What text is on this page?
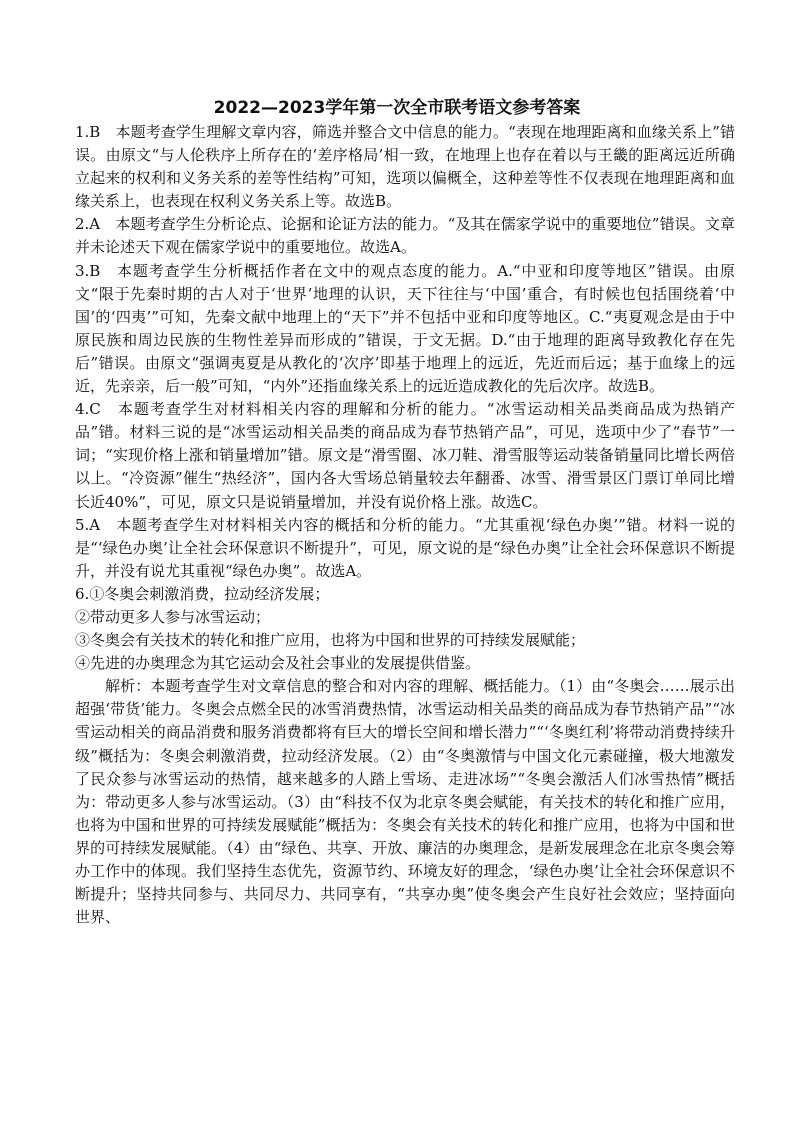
2022—2023学年第一次全市联考语文参考答案

1.B　本题考查学生理解文章内容，筛选并整合文中信息的能力。“表现在地理距离和血缘关系上”错误。由原文“与人伦秩序上所存在的‘差序格局’相一致，在地理上也存在着以与王畿的距离远近所确立起来的权利和义务关系的差等性结构”可知，选项以偏概全，这种差等性不仅表现在地理距离和血缘关系上，也表现在权利义务关系上等。故选B。

2.A　本题考查学生分析论点、论据和论证方法的能力。“及其在儒家学说中的重要地位”错误。文章并未论述天下观在儒家学说中的重要地位。故选A。

3.B　本题考查学生分析概括作者在文中的观点态度的能力。A.“中亚和印度等地区”错误。由原文“限于先秦时期的古人对于‘世界’地理的认识，天下往往与‘中国’重合，有时候也包括围绕着‘中国’的‘四夷’”可知，先秦文献中地理上的“天下”并不包括中亚和印度等地区。C.“夷夏观念是由于中原民族和周边民族的生物性差异而形成的”错误，于文无据。D.“由于地理的距离导致教化存在先后”错误。由原文“强调夷夏是从教化的‘次序’即基于地理上的远近，先近而后远；基于血缘上的远近，先亲亲，后一般”可知，“内外”还指血缘关系上的远近造成教化的先后次序。故选B。

4.C　本题考查学生对材料相关内容的理解和分析的能力。“冰雪运动相关品类商品成为热销产品”错。材料三说的是“冰雪运动相关品类的商品成为春节热销产品”，可见，选项中少了“春节”一词；“实现价格上涨和销量增加”错。原文是“滑雪圈、冰刀鞋、滑雪服等运动装备销量同比增长两倍以上。“冷资源”催生“热经济”，国内各大雪场总销量较去年翻番、冰雪、滑雪景区门票订单同比增长近40%”，可见，原文只是说销量增加，并没有说价格上涨。故选C。

5.A　本题考查学生对材料相关内容的概括和分析的能力。“尤其重视‘绿色办奥’”错。材料一说的是“‘绿色办奥’让全社会环保意识不断提升”，可见，原文说的是“绿色办奥”让全社会环保意识不断提升，并没有说尤其重视“绿色办奥”。故选A。

6.①冬奥会刺激消费，拉动经济发展；

②带动更多人参与冰雪运动；

③冬奥会有关技术的转化和推广应用，也将为中国和世界的可持续发展赋能；

④先进的办奥理念为其它运动会及社会事业的发展提供借鉴。

解析：本题考查学生对文章信息的整合和对内容的理解、概括能力。（1）由“冬奥会……展示出超强‘带货’能力。冬奥会点燃全民的冰雪消费热情，冰雪运动相关品类的商品成为春节热销产品”“冰雪运动相关的商品消费和服务消费都将有巨大的增长空间和增长潜力”“‘冬奥红利’将带动消费持续升级”概括为：冬奥会刺激消费，拉动经济发展。（2）由“冬奥激情与中国文化元素碰撞，极大地激发了民众参与冰雪运动的热情，越来越多的人踏上雪场、走进冰场”“冬奥会激活人们冰雪热情”概括为：带动更多人参与冰雪运动。（3）由“科技不仅为北京冬奥会赋能，有关技术的转化和推广应用，也将为中国和世界的可持续发展赋能”概括为：冬奥会有关技术的转化和推广应用，也将为中国和世界的可持续发展赋能。（4）由“绿色、共享、开放、廉洁的办奥理念，是新发展理念在北京冬奥会筹办工作中的体现。我们坚持生态优先，资源节约、环境友好的理念，‘绿色办奥’让全社会环保意识不断提升；坚持共同参与、共同尽力、共同享有，“共享办奥”使冬奥会产生良好社会效应；坚持面向世界、
